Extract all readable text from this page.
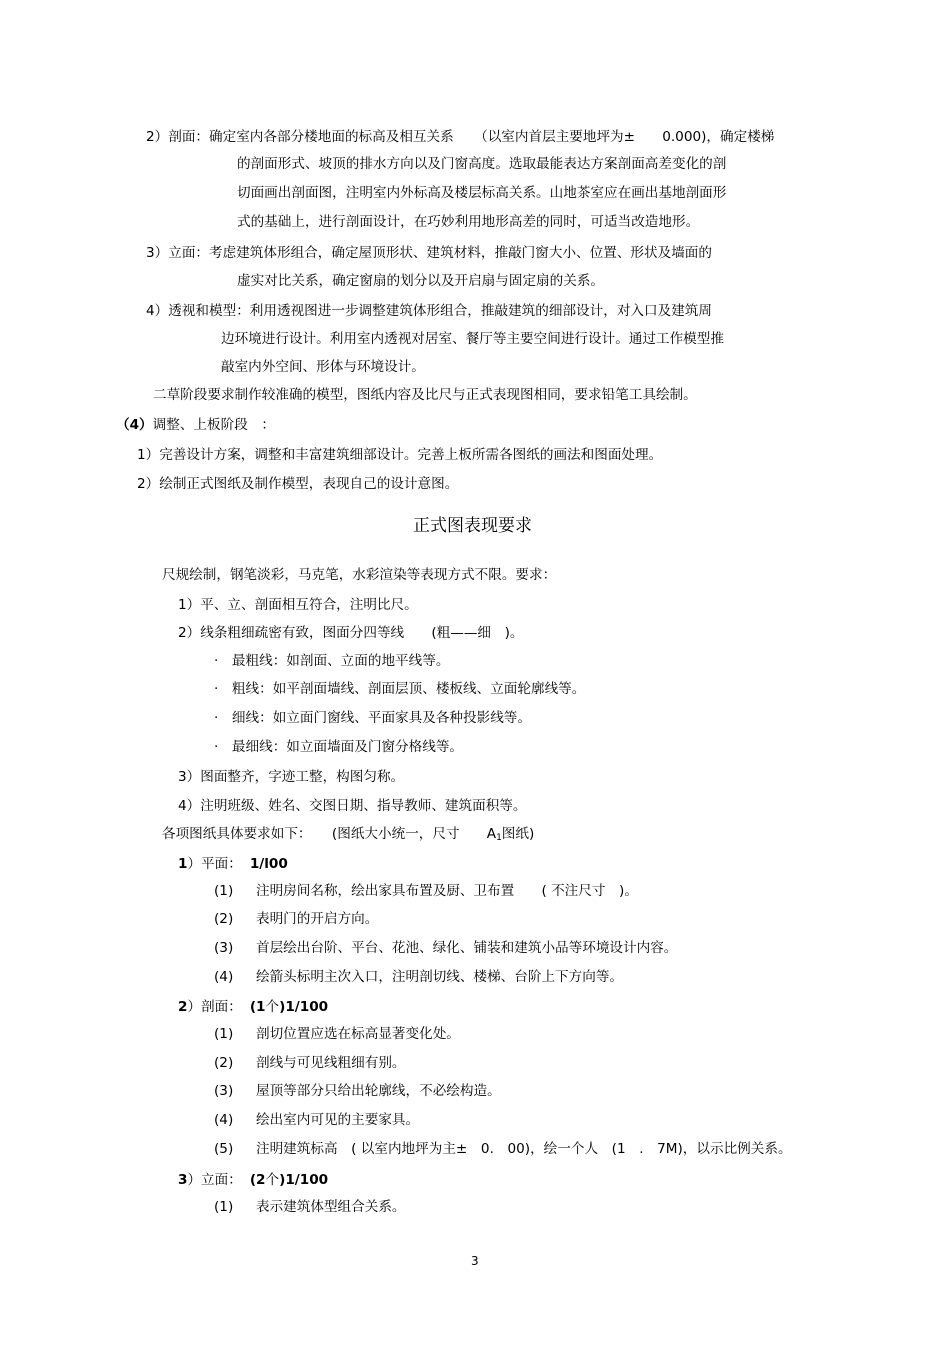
2）剖面：确定室内各部分楼地面的标高及相互关系　　（以室内首层主要地坪为±　　0.000)，确定楼梯
的剖面形式、坡顶的排水方向以及门窗高度。选取最能表达方案剖面高差变化的剖
切面画出剖面图，注明室内外标高及楼层标高关系。山地茶室应在画出基地剖面形
式的基础上，进行剖面设计，在巧妙利用地形高差的同时，可适当改造地形。
3）立面：考虑建筑体形组合，确定屋顶形状、建筑材料，推敲门窗大小、位置、形状及墙面的
虚实对比关系，确定窗扇的划分以及开启扇与固定扇的关系。
4）透视和模型：利用透视图进一步调整建筑体形组合，推敲建筑的细部设计，对入口及建筑周
边环境进行设计。利用室内透视对居室、餐厅等主要空间进行设计。通过工作模型推
敲室内外空间、形体与环境设计。
二草阶段要求制作较准确的模型，图纸内容及比尺与正式表现图相同，要求铅笔工具绘制。
（4）调整、上板阶段　：
1）完善设计方案，调整和丰富建筑细部设计。完善上板所需各图纸的画法和图面处理。
2）绘制正式图纸及制作模型，表现自己的设计意图。
正式图表现要求
尺规绘制，钢笔淡彩，马克笔，水彩渲染等表现方式不限。要求：
1）平、立、剖面相互符合，注明比尺。
2）线条粗细疏密有致，图面分四等线　　(粗——细　)。
·　最粗线：如剖面、立面的地平线等。
·　粗线：如平剖面墙线、剖面层顶、楼板线、立面轮廓线等。
·　细线：如立面门窗线、平面家具及各种投影线等。
·　最细线：如立面墙面及门窗分格线等。
3）图面整齐，字迹工整，构图匀称。
4）注明班级、姓名、交图日期、指导教师、建筑面积等。
各项图纸具体要求如下：　　(图纸大小统一，尺寸　　$A_1$图纸)
1）平面： 1/l00
(1) 注明房间名称，绘出家具布置及厨、卫布置　　( 不注尺寸　)。
(2) 表明门的开启方向。
(3) 首层绘出台阶、平台、花池、绿化、铺装和建筑小品等环境设计内容。
(4) 绘箭头标明主次入口，注明剖切线、楼梯、台阶上下方向等。
2）剖面： (1个)1/100
(1) 剖切位置应选在标高显著变化处。
(2) 剖线与可见线粗细有别。
(3) 屋顶等部分只给出轮廓线，不必绘构造。
(4) 绘出室内可见的主要家具。
(5) 注明建筑标高　( 以室内地坪为主±　0.　00)，绘一个人　(1　.　7M)，以示比例关系。
3）立面： (2个)1/100
(1) 表示建筑体型组合关系。
3
